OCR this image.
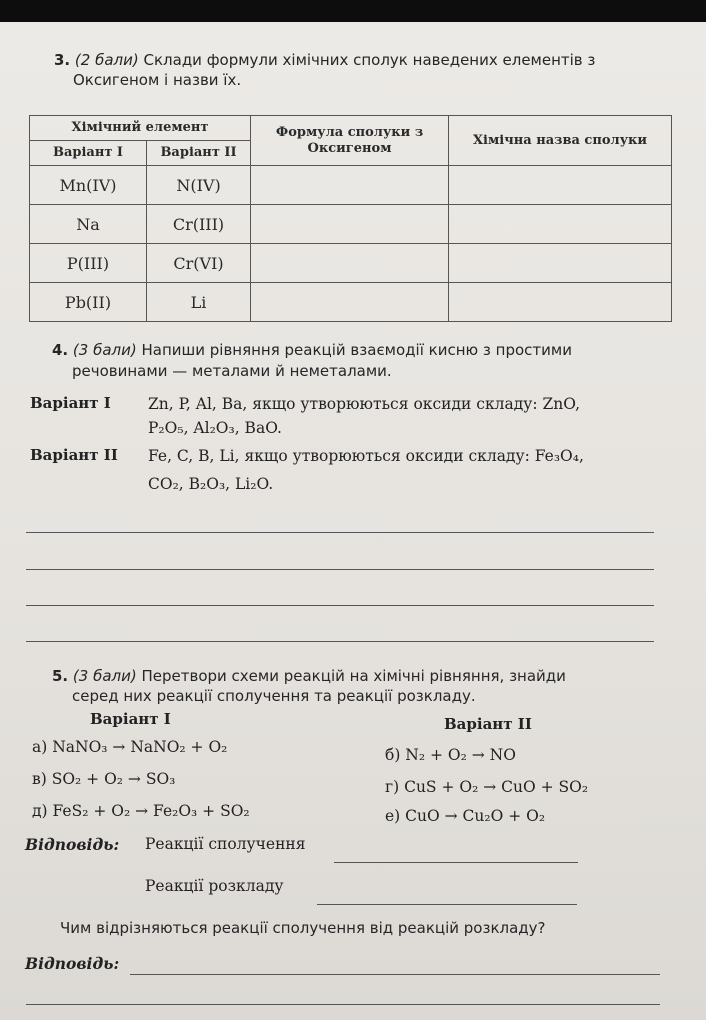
3. (2 бали) Склади формули хімічних сполук наведених елементів з
Оксигеном і назви їх.
Хімічний елемент		Формула сполуки з Оксигеном	Хімічна назва сполуки
Варіант I	Варіант II		
Mn(IV)	N(IV)		
Na	Cr(III)		
P(III)	Cr(VI)		
Pb(II)	Li		
4. (3 бали) Напиши рівняння реакцій взаємодії кисню з простими
речовинами — металами й неметалами.
Варіант I Zn, P, Al, Ba, якщо утворюються оксиди складу: ZnO,
P₂O₅, Al₂O₃, BaO.
Варіант II Fe, C, B, Li, якщо утворюються оксиди складу: Fe₃O₄,
CO₂, B₂O₃, Li₂O.
5. (3 бали) Перетвори схеми реакцій на хімічні рівняння, знайди
серед них реакції сполучення та реакції розкладу.
Варіант I	Варіант II
а) NaNO₃ → NaNO₂ + O₂	б) N₂ + O₂ → NO
в) SO₂ + O₂ → SO₃	г) CuS + O₂ → CuO + SO₂
д) FeS₂ + O₂ → Fe₂O₃ + SO₂	е) CuO → Cu₂O + O₂
Відповідь: Реакції сполучення
Реакції розкладу
Чим відрізняються реакції сполучення від реакцій розкладу?
Відповідь:
